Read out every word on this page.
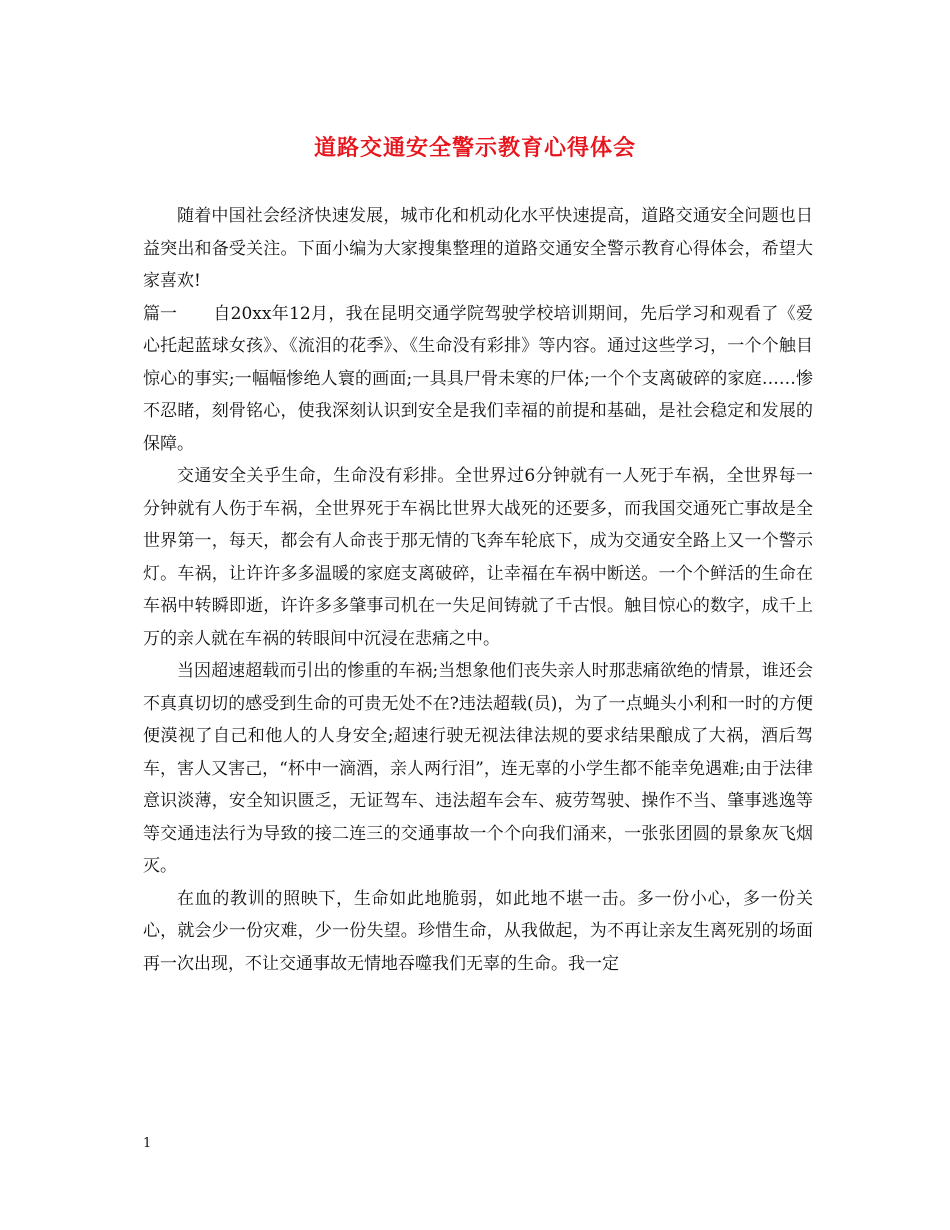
道路交通安全警示教育心得体会

随着中国社会经济快速发展，城市化和机动化水平快速提高，道路交通安全问题也日益突出和备受关注。下面小编为大家搜集整理的道路交通安全警示教育心得体会，希望大家喜欢!

篇一 自20xx年12月，我在昆明交通学院驾驶学校培训期间，先后学习和观看了《爱心托起蓝球女孩》、《流泪的花季》、《生命没有彩排》等内容。通过这些学习，一个个触目惊心的事实;一幅幅惨绝人寰的画面;一具具尸骨未寒的尸体;一个个支离破碎的家庭……惨不忍睹，刻骨铭心，使我深刻认识到安全是我们幸福的前提和基础，是社会稳定和发展的保障。

交通安全关乎生命，生命没有彩排。全世界过6分钟就有一人死于车祸，全世界每一分钟就有人伤于车祸，全世界死于车祸比世界大战死的还要多，而我国交通死亡事故是全世界第一，每天，都会有人命丧于那无情的飞奔车轮底下，成为交通安全路上又一个警示灯。车祸，让许许多多温暖的家庭支离破碎，让幸福在车祸中断送。一个个鲜活的生命在车祸中转瞬即逝，许许多多肇事司机在一失足间铸就了千古恨。触目惊心的数字，成千上万的亲人就在车祸的转眼间中沉浸在悲痛之中。

当因超速超载而引出的惨重的车祸;当想象他们丧失亲人时那悲痛欲绝的情景，谁还会不真真切切的感受到生命的可贵无处不在?违法超载(员)，为了一点蝇头小利和一时的方便便漠视了自己和他人的人身安全;超速行驶无视法律法规的要求结果酿成了大祸，酒后驾车，害人又害己，“杯中一滴酒，亲人两行泪”，连无辜的小学生都不能幸免遇难;由于法律意识淡薄，安全知识匮乏，无证驾车、违法超车会车、疲劳驾驶、操作不当、肇事逃逸等等交通违法行为导致的接二连三的交通事故一个个向我们涌来，一张张团圆的景象灰飞烟灭。

在血的教训的照映下，生命如此地脆弱，如此地不堪一击。多一份小心，多一份关心，就会少一份灾难，少一份失望。珍惜生命，从我做起，为不再让亲友生离死别的场面再一次出现，不让交通事故无情地吞噬我们无辜的生命。我一定

1
